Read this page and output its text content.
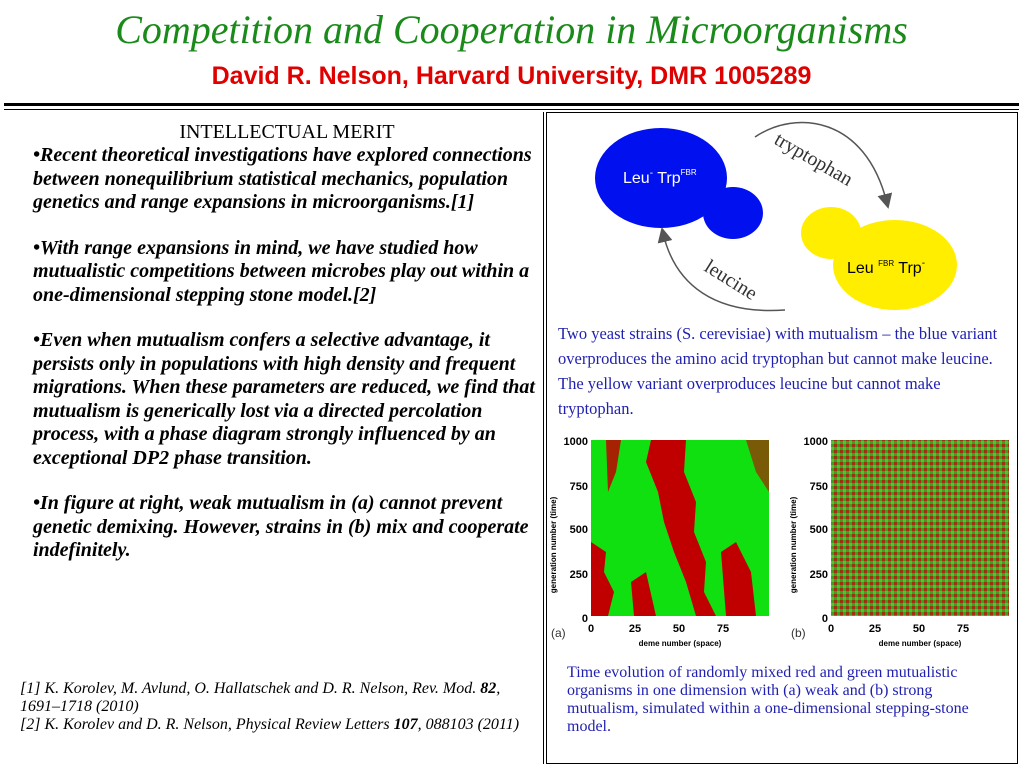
Competition and Cooperation in Microorganisms
David R. Nelson, Harvard University, DMR 1005289
INTELLECTUAL MERIT
•Recent theoretical investigations have explored connections between nonequilibrium statistical mechanics, population genetics and range expansions in microorganisms.[1]
•With range expansions in mind, we have studied how mutualistic competitions between microbes play out within a one-dimensional stepping stone model.[2]
•Even when mutualism confers a selective advantage, it persists only in populations with high density and frequent migrations. When these parameters are reduced, we find that mutualism is generically lost via a directed percolation process, with a phase diagram strongly influenced by an exceptional DP2 phase transition.
•In figure at right, weak mutualism in (a) cannot prevent genetic demixing. However, strains in (b) mix and cooperate indefinitely.
[1] K. Korolev, M. Avlund, O. Hallatschek and D. R. Nelson, Rev. Mod. 82, 1691–1718 (2010)
[2] K. Korolev and D. R. Nelson, Physical Review Letters 107, 088103 (2011)
Leu- Trp$^{FBR}$
Leu $^{FBR}$ Trp-
tryptophan
leucine
Two yeast strains (S. cerevisiae) with mutualism – the blue variant overproduces the amino acid tryptophan but cannot make leucine. The yellow variant overproduces leucine but cannot make tryptophan.
generation number (time)
1000
750
500
250
0
0	25	50	75
deme number (space)
(a)
generation number (time)
1000
750
500
250
0
0	25	50	75
deme number (space)
(b)
Time evolution of randomly mixed red and green mutualistic organisms in one dimension with (a) weak and (b) strong mutualism, simulated within a one-dimensional stepping-stone model.
